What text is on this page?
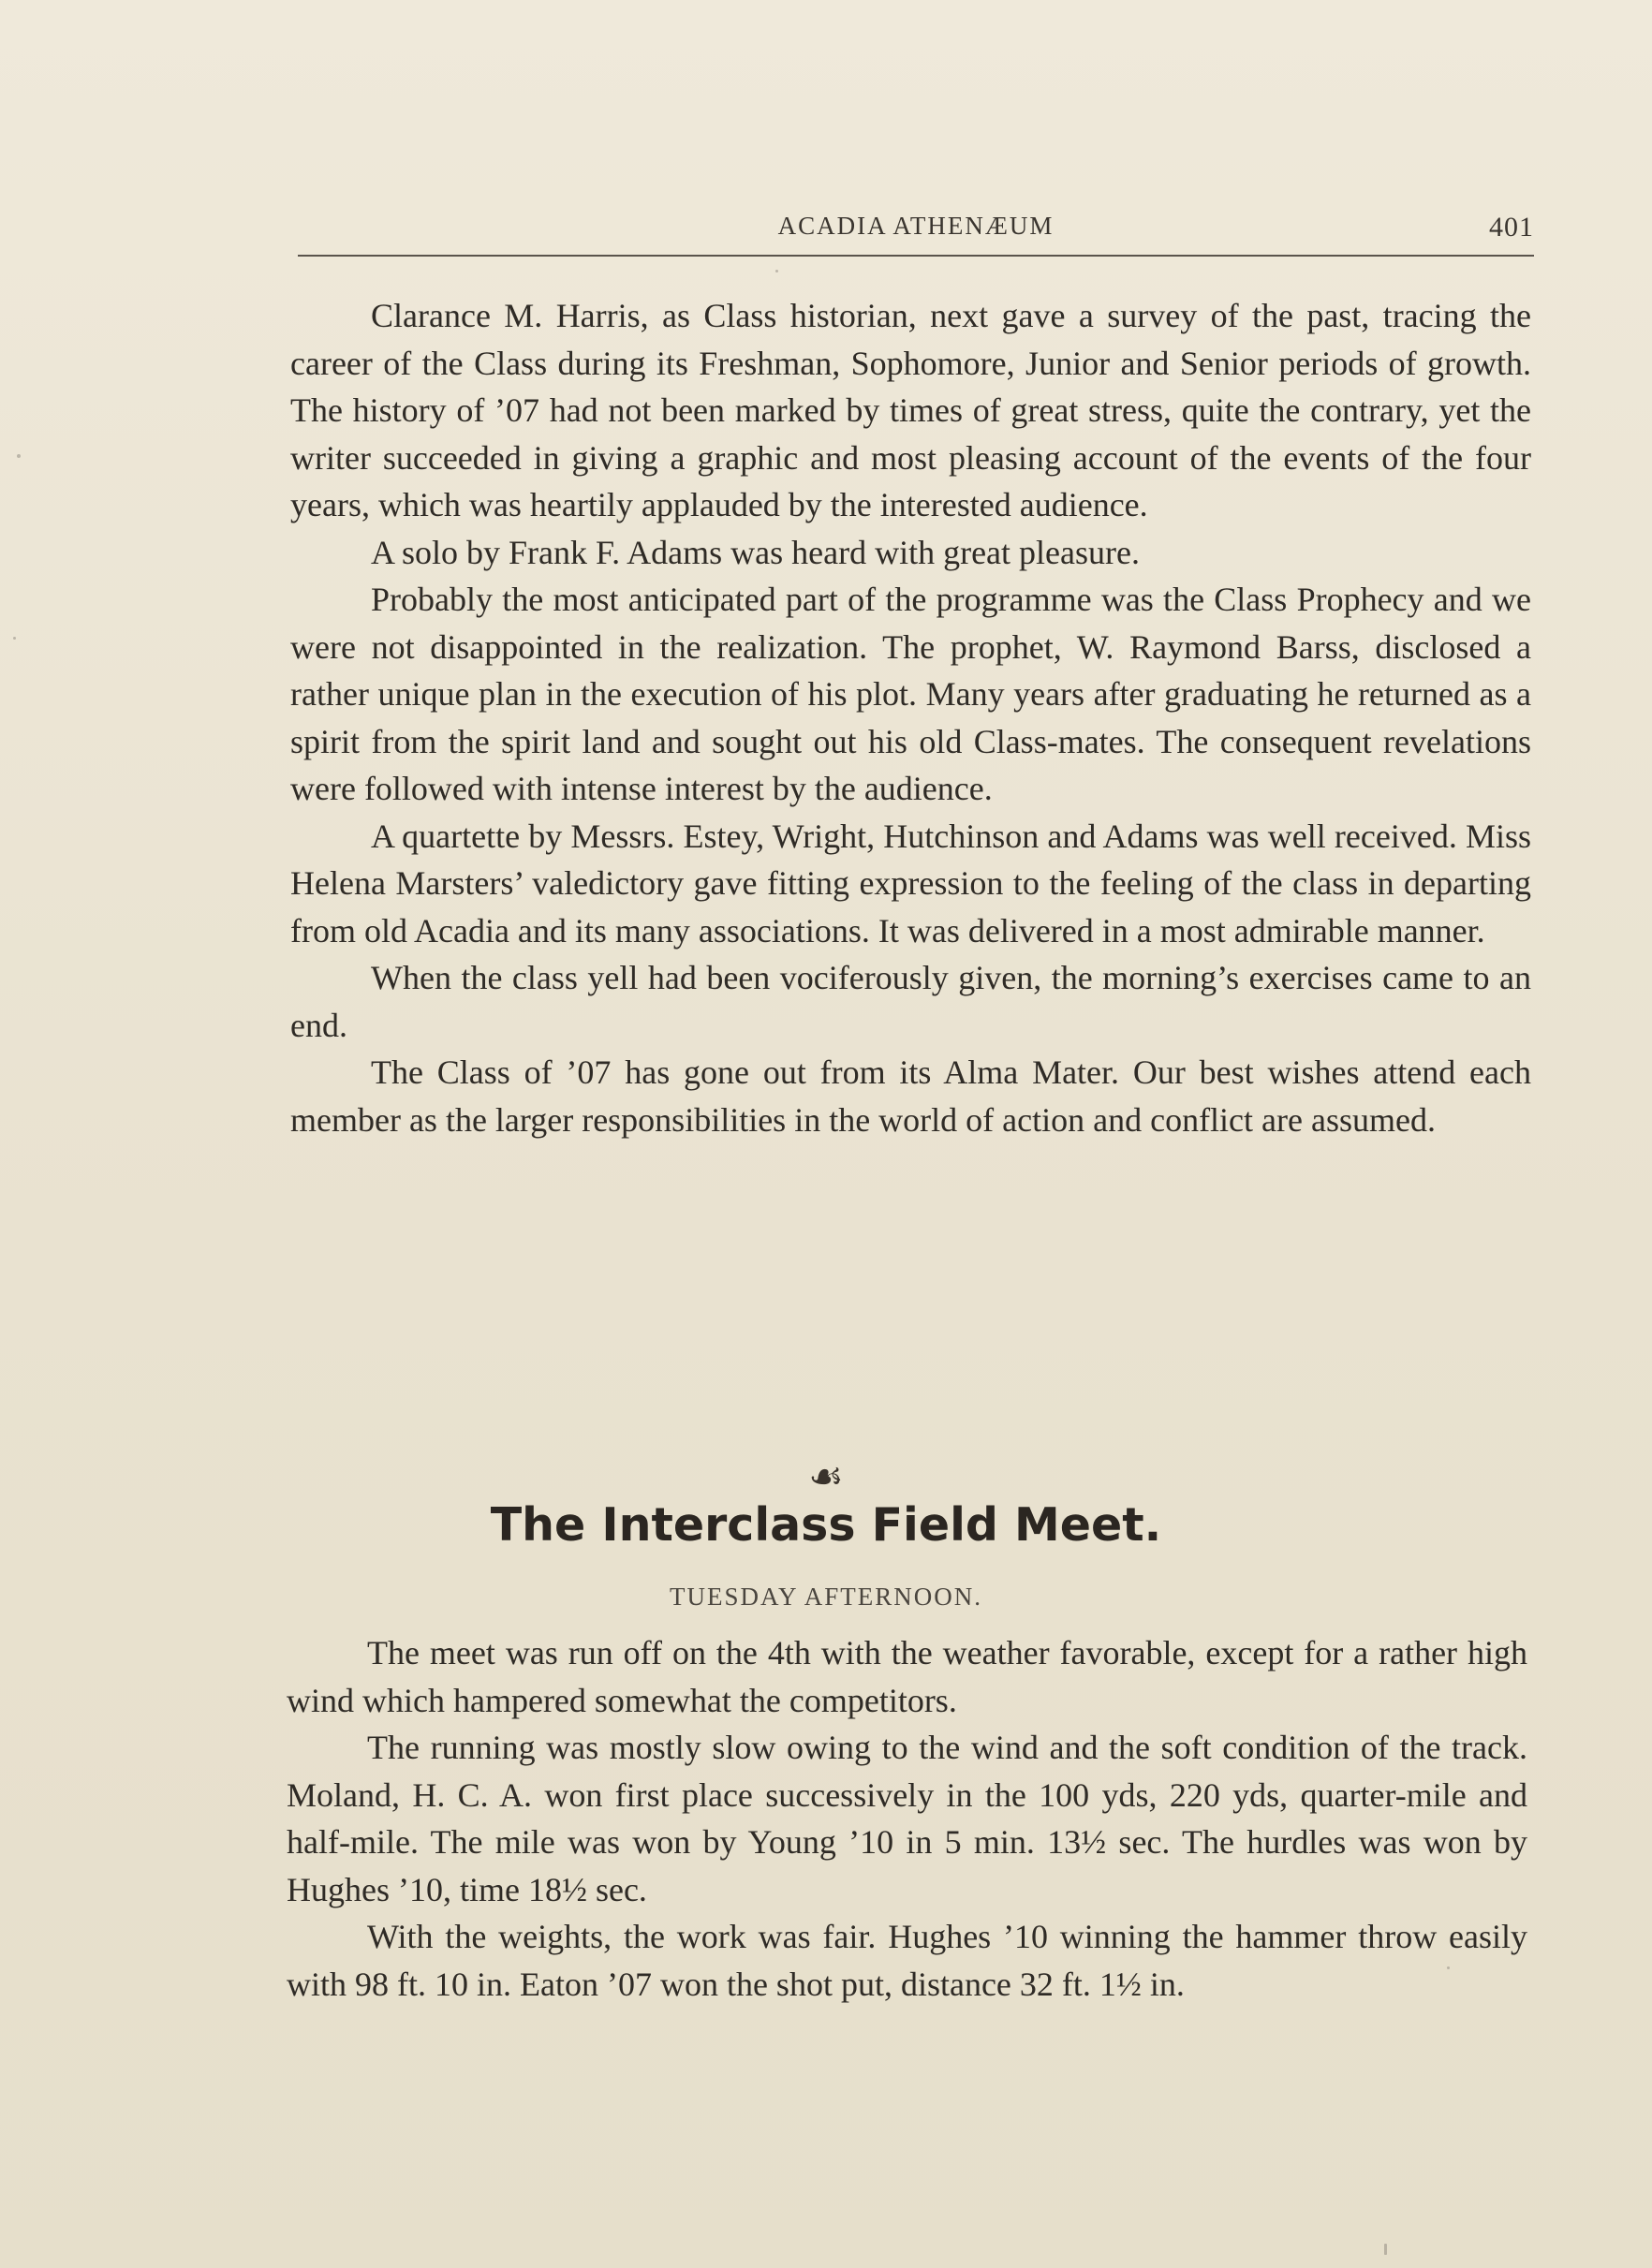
ACADIA ATHENÆUM	401

Clarance M. Harris, as Class historian, next gave a survey of the past, tracing the career of the Class during its Freshman, Sophomore, Junior and Senior periods of growth. The history of ’07 had not been marked by times of great stress, quite the contrary, yet the writer succeeded in giving a graphic and most pleasing account of the events of the four years, which was heartily applauded by the interested audience.

A solo by Frank F. Adams was heard with great pleasure.

Probably the most anticipated part of the programme was the Class Prophecy and we were not disappointed in the realization. The prophet, W. Raymond Barss, disclosed a rather unique plan in the execution of his plot. Many years after graduating he returned as a spirit from the spirit land and sought out his old Class-mates. The consequent revelations were followed with intense interest by the audience.

A quartette by Messrs. Estey, Wright, Hutchinson and Adams was well received. Miss Helena Marsters’ valedictory gave fitting expression to the feeling of the class in departing from old Acadia and its many associations. It was delivered in a most admirable manner.

When the class yell had been vociferously given, the morning’s exercises came to an end.

The Class of ’07 has gone out from its Alma Mater. Our best wishes attend each member as the larger responsibilities in the world of action and conflict are assumed.

☙
The Interclass Field Meet.
TUESDAY AFTERNOON.

The meet was run off on the 4th with the weather favorable, except for a rather high wind which hampered somewhat the competitors.

The running was mostly slow owing to the wind and the soft condition of the track. Moland, H. C. A. won first place successively in the 100 yds, 220 yds, quarter-mile and half-mile. The mile was won by Young ’10 in 5 min. 13½ sec. The hurdles was won by Hughes ’10, time 18½ sec.

With the weights, the work was fair. Hughes ’10 winning the hammer throw easily with 98 ft. 10 in. Eaton ’07 won the shot put, distance 32 ft. 1½ in.
